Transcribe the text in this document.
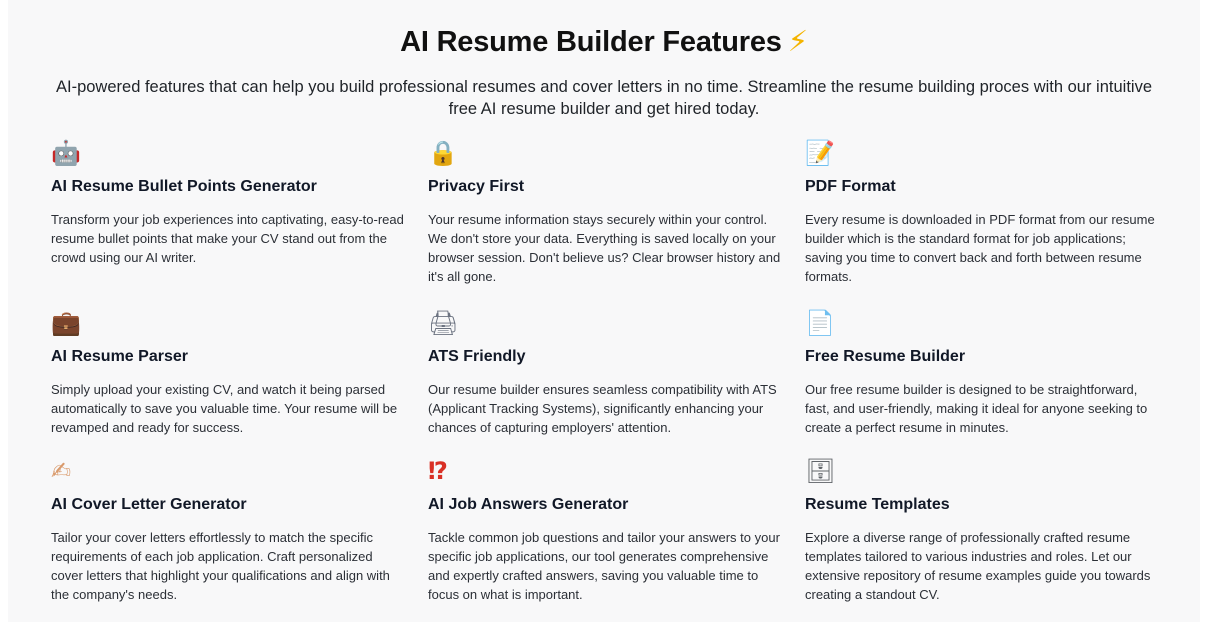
AI Resume Builder Features ⚡

AI-powered features that can help you build professional resumes and cover letters in no time. Streamline the resume building proces with our intuitive free AI resume builder and get hired today.

🤖
AI Resume Bullet Points Generator

Transform your job experiences into captivating, easy-to-read resume bullet points that make your CV stand out from the crowd using our AI writer.

🔒
Privacy First

Your resume information stays securely within your control. We don't store your data. Everything is saved locally on your browser session. Don't believe us? Clear browser history and it's all gone.

📝
PDF Format

Every resume is downloaded in PDF format from our resume builder which is the standard format for job applications; saving you time to convert back and forth between resume formats.

💼
AI Resume Parser

Simply upload your existing CV, and watch it being parsed automatically to save you valuable time. Your resume will be revamped and ready for success.

🖨
ATS Friendly

Our resume builder ensures seamless compatibility with ATS (Applicant Tracking Systems), significantly enhancing your chances of capturing employers' attention.

📄
Free Resume Builder

Our free resume builder is designed to be straightforward, fast, and user-friendly, making it ideal for anyone seeking to create a perfect resume in minutes.

✍
AI Cover Letter Generator

Tailor your cover letters effortlessly to match the specific requirements of each job application. Craft personalized cover letters that highlight your qualifications and align with the company's needs.

⁉
AI Job Answers Generator

Tackle common job questions and tailor your answers to your specific job applications, our tool generates comprehensive and expertly crafted answers, saving you valuable time to focus on what is important.

🗄
Resume Templates

Explore a diverse range of professionally crafted resume templates tailored to various industries and roles. Let our extensive repository of resume examples guide you towards creating a standout CV.
